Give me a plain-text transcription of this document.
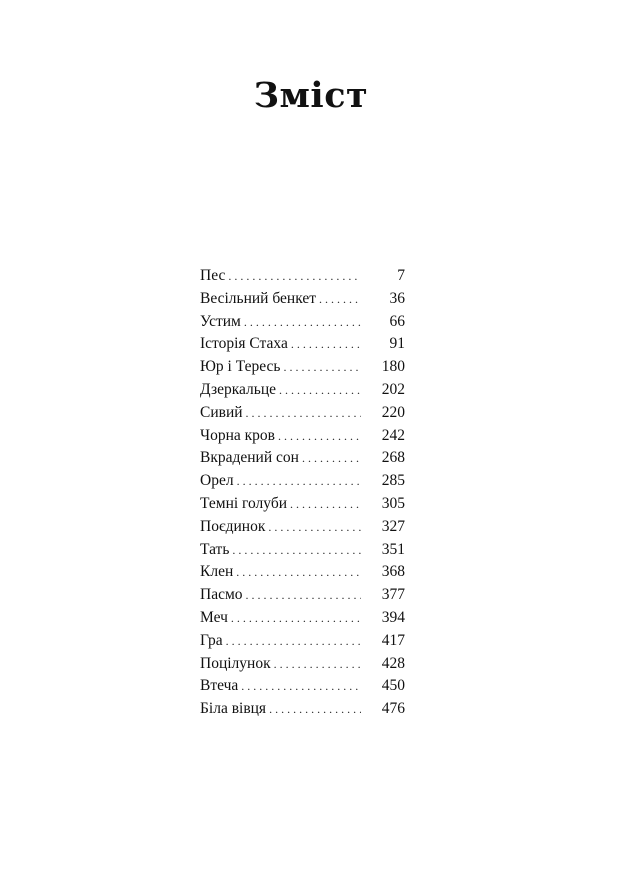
Зміст
Пес . . .	7
Весільний бенкет . . .	36
Устим . . .	66
Історія Стаха . . .	91
Юр і Тересь . . .	180
Дзеркальце . . .	202
Сивий . . .	220
Чорна кров . . .	242
Вкрадений сон . . .	268
Орел . . .	285
Темні голуби . . .	305
Поєдинок . . .	327
Тать . . .	351
Клен . . .	368
Пасмо . . .	377
Меч . . .	394
Гра . . .	417
Поцілунок . . .	428
Втеча . . .	450
Біла вівця . . .	476
